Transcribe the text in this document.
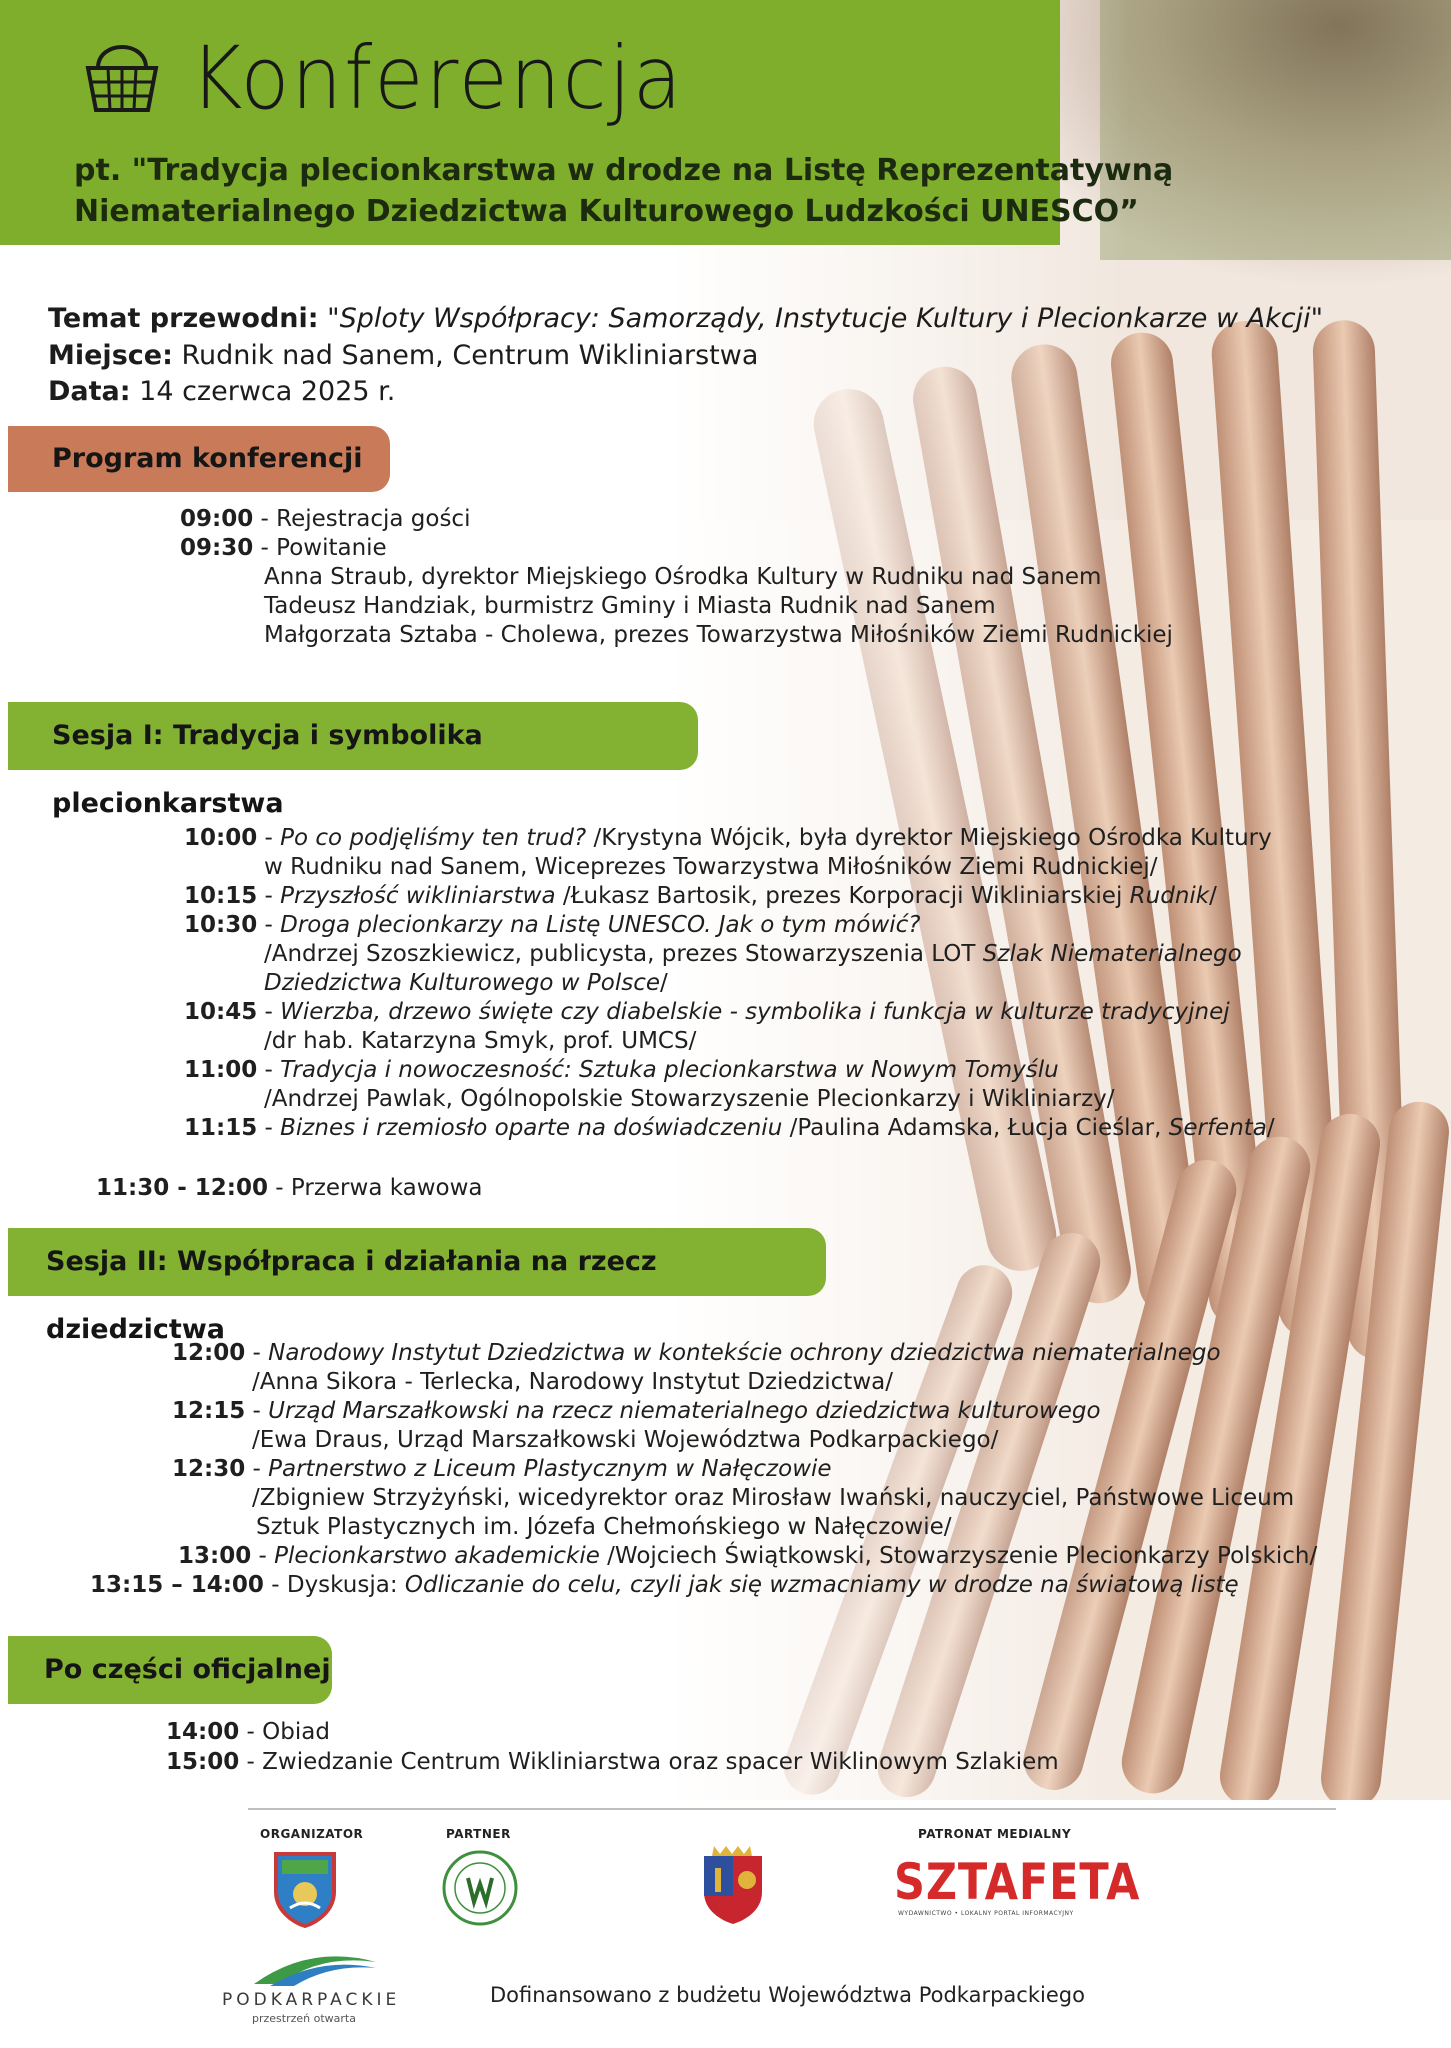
Konferencja
pt. "Tradycja plecionkarstwa w drodze na Listę Reprezentatywną
Niematerialnego Dziedzictwa Kulturowego Ludzkości UNESCO”
Temat przewodni: "Sploty Współpracy: Samorządy, Instytucje Kultury i Plecionkarze w Akcji"
Miejsce: Rudnik nad Sanem, Centrum Wikliniarstwa
Data: 14 czerwca 2025 r.
Program konferencji
09:00 - Rejestracja gości
09:30 - Powitanie
Anna Straub, dyrektor Miejskiego Ośrodka Kultury w Rudniku nad Sanem
Tadeusz Handziak, burmistrz Gminy i Miasta Rudnik nad Sanem
Małgorzata Sztaba - Cholewa, prezes Towarzystwa Miłośników Ziemi Rudnickiej
Sesja I: Tradycja i symbolika plecionkarstwa
10:00 - Po co podjęliśmy ten trud? /Krystyna Wójcik, była dyrektor Miejskiego Ośrodka Kultury
w Rudniku nad Sanem, Wiceprezes Towarzystwa Miłośników Ziemi Rudnickiej/
10:15 - Przyszłość wikliniarstwa /Łukasz Bartosik, prezes Korporacji Wikliniarskiej Rudnik/
10:30 - Droga plecionkarzy na Listę UNESCO. Jak o tym mówić?
/Andrzej Szoszkiewicz, publicysta, prezes Stowarzyszenia LOT Szlak Niematerialnego
Dziedzictwa Kulturowego w Polsce/
10:45 - Wierzba, drzewo święte czy diabelskie - symbolika i funkcja w kulturze tradycyjnej
/dr hab. Katarzyna Smyk, prof. UMCS/
11:00 - Tradycja i nowoczesność: Sztuka plecionkarstwa w Nowym Tomyślu
/Andrzej Pawlak, Ogólnopolskie Stowarzyszenie Plecionkarzy i Wikliniarzy/
11:15 - Biznes i rzemiosło oparte na doświadczeniu /Paulina Adamska, Łucja Cieślar, Serfenta/
11:30 - 12:00 - Przerwa kawowa
Sesja II: Współpraca i działania na rzecz dziedzictwa
12:00 - Narodowy Instytut Dziedzictwa w kontekście ochrony dziedzictwa niematerialnego
/Anna Sikora - Terlecka, Narodowy Instytut Dziedzictwa/
12:15 - Urząd Marszałkowski na rzecz niematerialnego dziedzictwa kulturowego
/Ewa Draus, Urząd Marszałkowski Województwa Podkarpackiego/
12:30 - Partnerstwo z Liceum Plastycznym w Nałęczowie
/Zbigniew Strzyżyński, wicedyrektor oraz Mirosław Iwański, nauczyciel, Państwowe Liceum
Sztuk Plastycznych im. Józefa Chełmońskiego w Nałęczowie/
13:00 - Plecionkarstwo akademickie /Wojciech Świątkowski, Stowarzyszenie Plecionkarzy Polskich/
13:15 – 14:00 - Dyskusja: Odliczanie do celu, czyli jak się wzmacniamy w drodze na światową listę
Po części oficjalnej
14:00 - Obiad
15:00 - Zwiedzanie Centrum Wikliniarstwa oraz spacer Wiklinowym Szlakiem
ORGANIZATOR	PARTNER	PATRONAT MEDIALNY
SZTAFETA
WYDAWNICTWO • LOKALNY PORTAL INFORMACYJNY
PODKARPACKIE
przestrzeń otwarta
Dofinansowano z budżetu Województwa Podkarpackiego
